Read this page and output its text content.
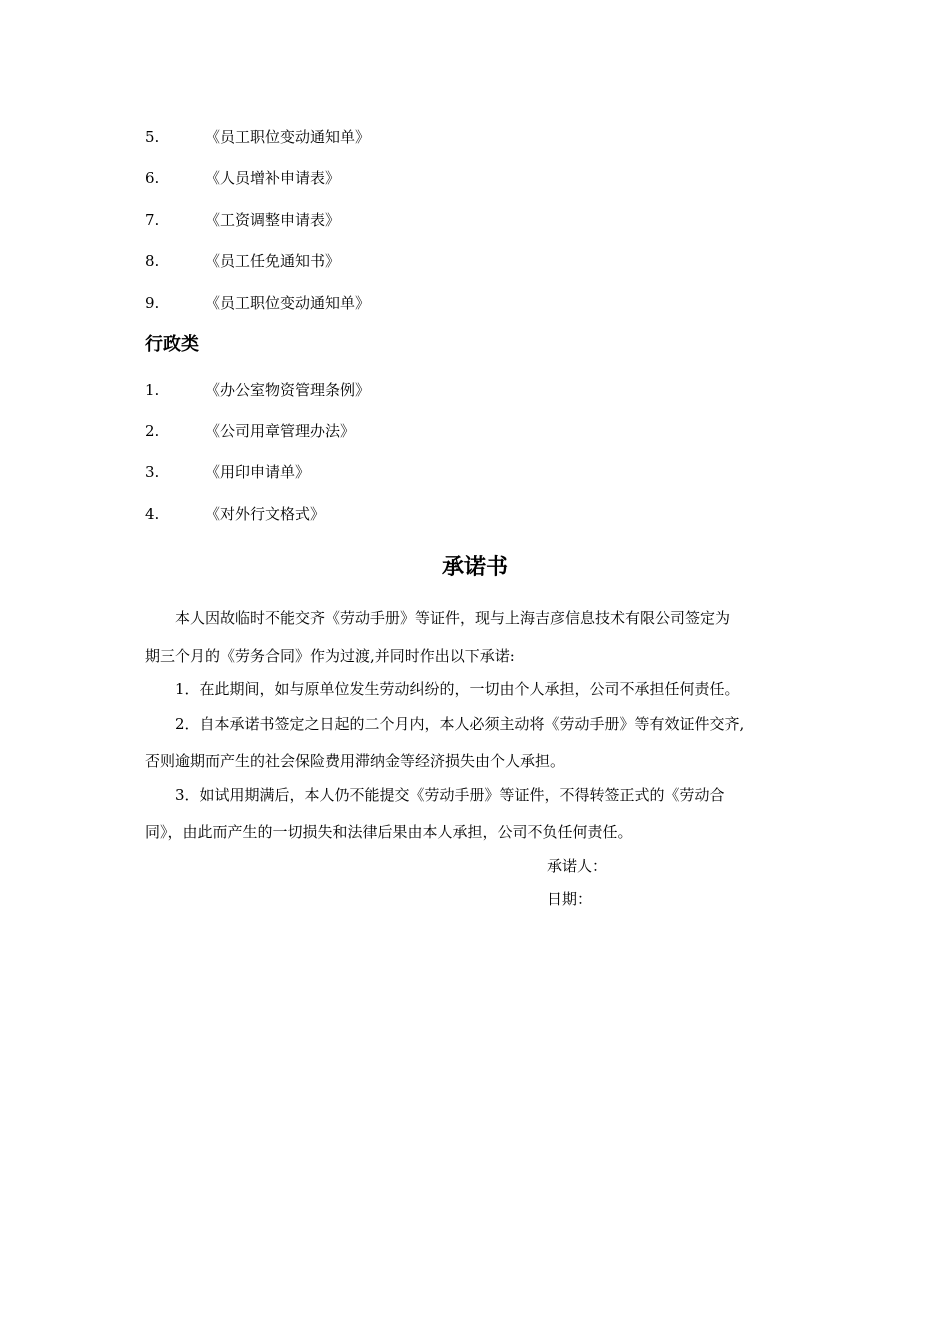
5.	《员工职位变动通知单》
6.	《人员增补申请表》
7.	《工资调整申请表》
8.	《员工任免通知书》
9.	《员工职位变动通知单》
行政类
1.	《办公室物资管理条例》
2.	《公司用章管理办法》
3.	《用印申请单》
4.	《对外行文格式》
承诺书
本人因故临时不能交齐《劳动手册》等证件，现与上海吉彦信息技术有限公司签定为
期三个月的《劳务合同》作为过渡,并同时作出以下承诺:
1．在此期间，如与原单位发生劳动纠纷的，一切由个人承担，公司不承担任何责任。
2．自本承诺书签定之日起的二个月内，本人必须主动将《劳动手册》等有效证件交齐,
否则逾期而产生的社会保险费用滞纳金等经济损失由个人承担。
3．如试用期满后，本人仍不能提交《劳动手册》等证件，不得转签正式的《劳动合
同》，由此而产生的一切损失和法律后果由本人承担，公司不负任何责任。
承诺人：
日期：
